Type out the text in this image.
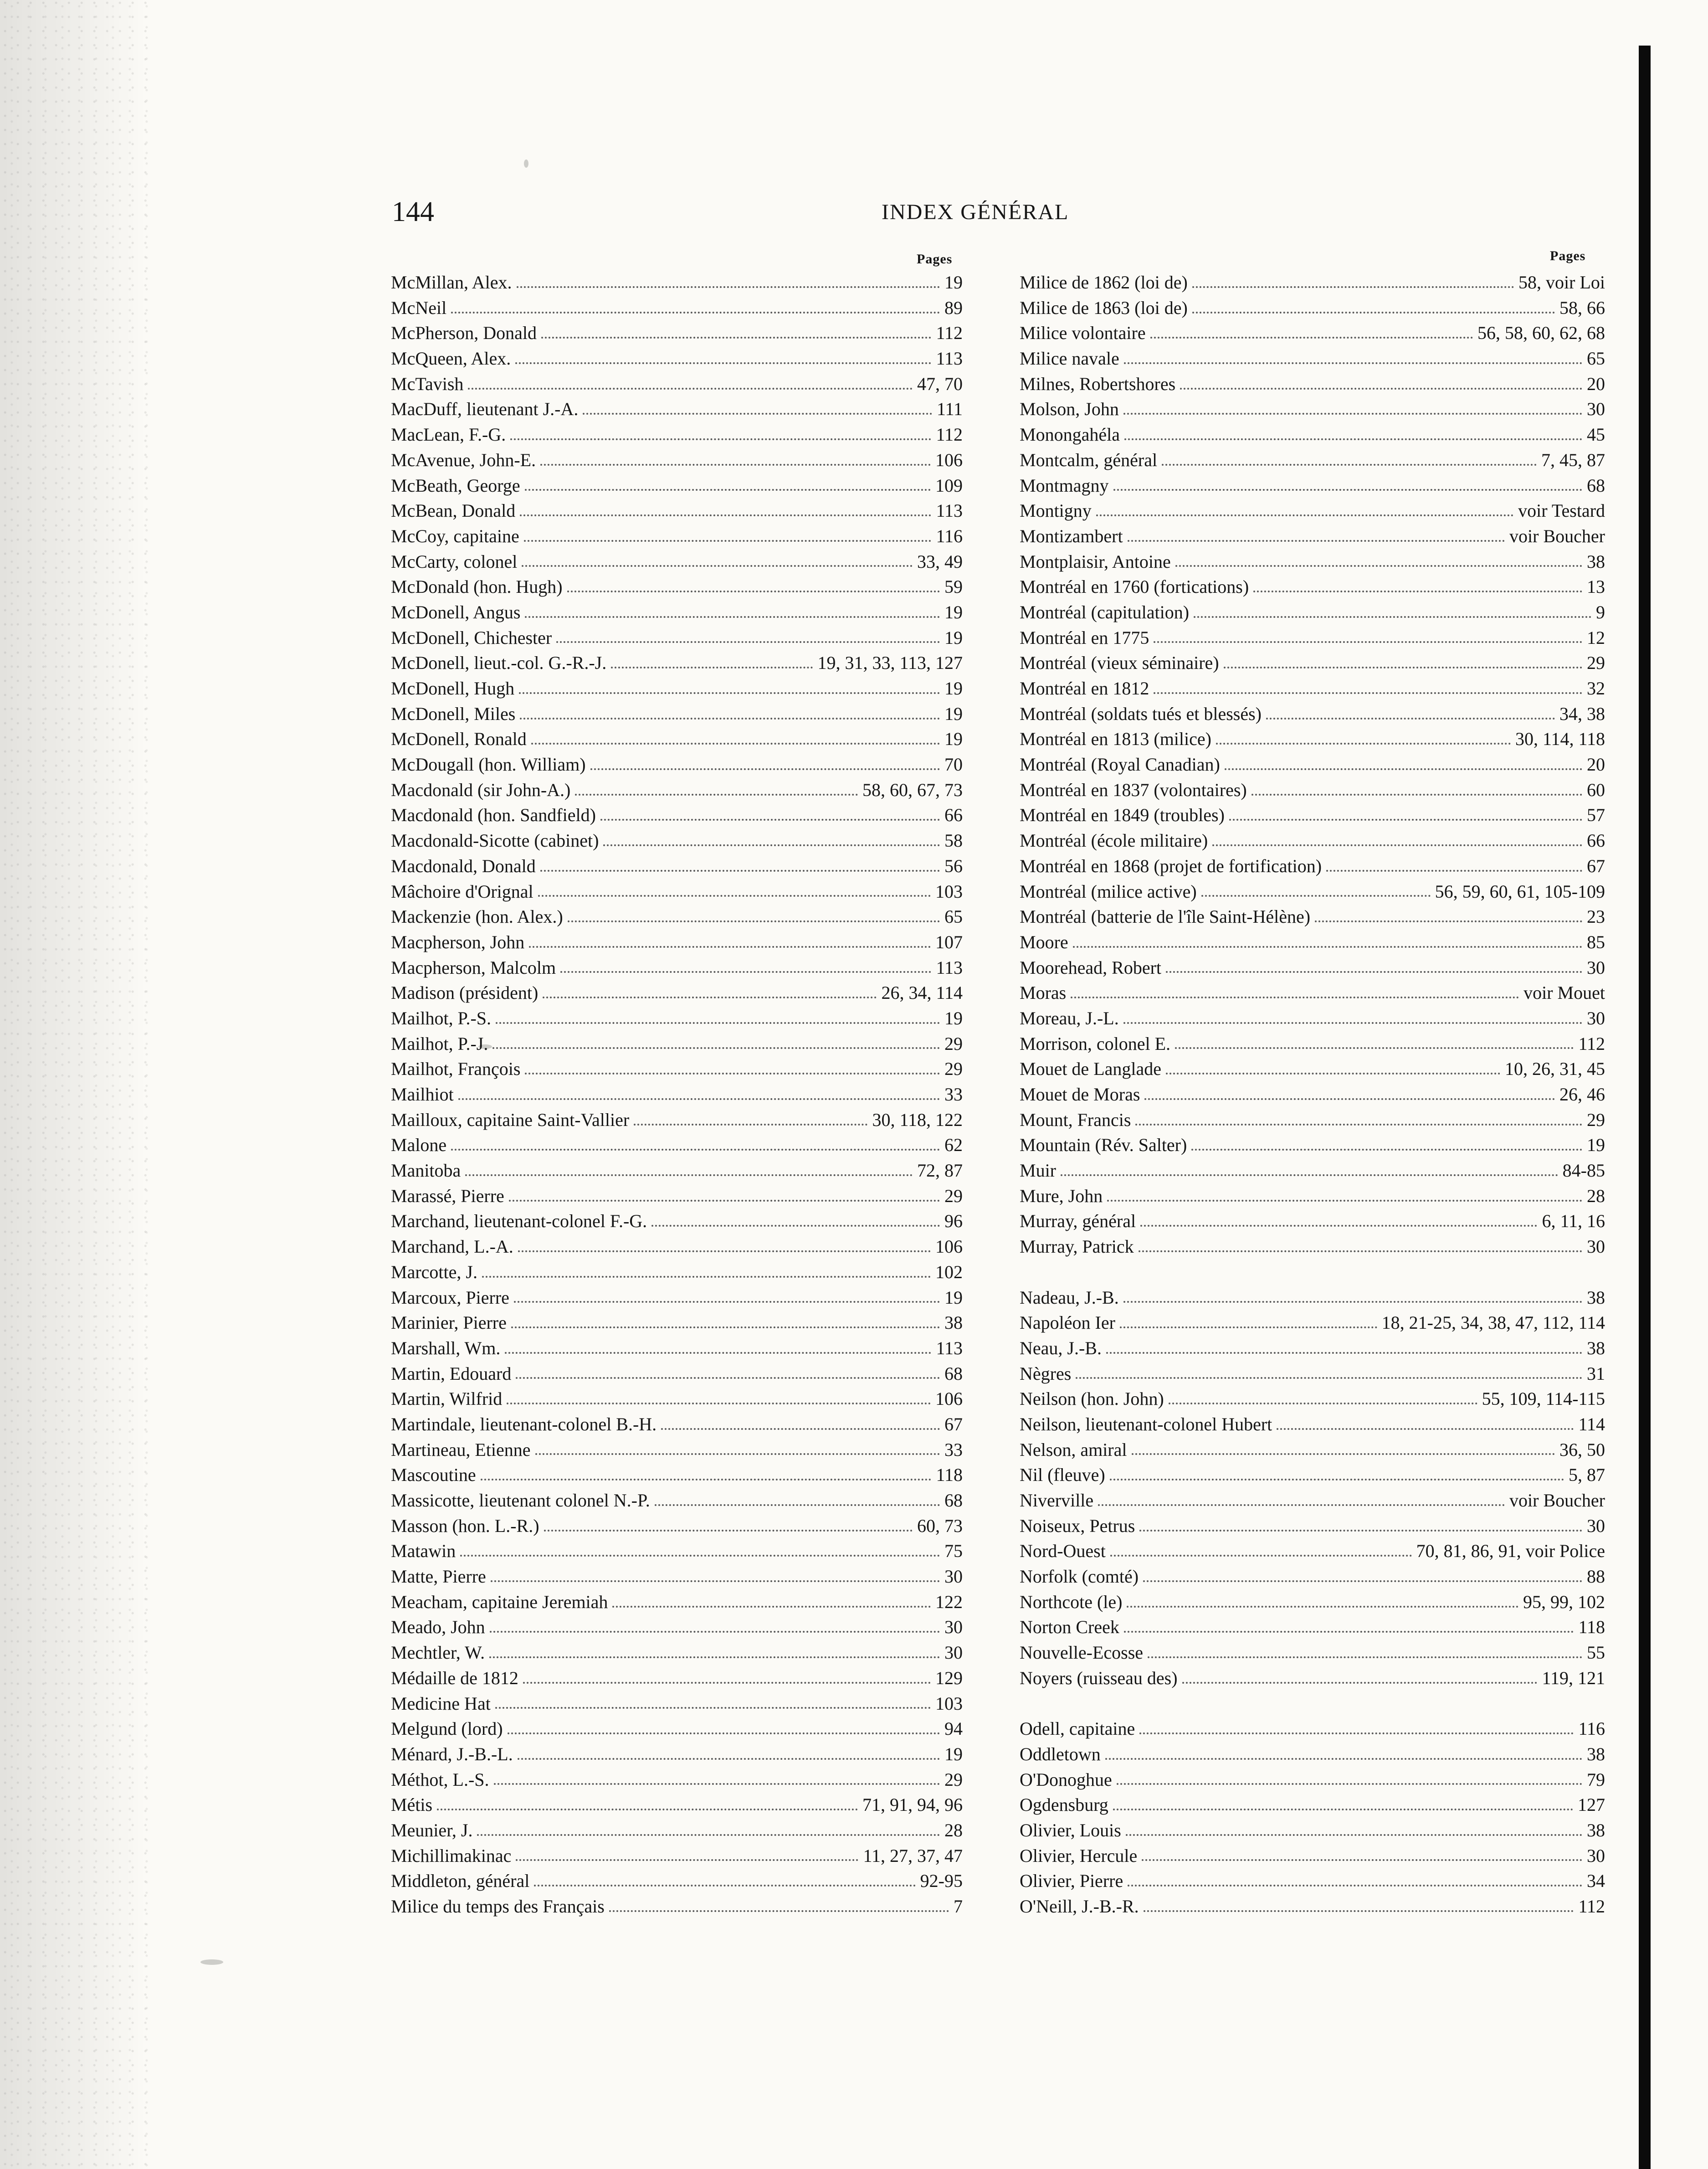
144	INDEX GÉNÉRAL
Pages	Pages
McMillan, Alex.	19
McNeil	89
McPherson, Donald	112
McQueen, Alex.	113
McTavish	47, 70
MacDuff, lieutenant J.-A.	111
MacLean, F.-G.	112
McAvenue, John-E.	106
McBeath, George	109
McBean, Donald	113
McCoy, capitaine	116
McCarty, colonel	33, 49
McDonald (hon. Hugh)	59
McDonell, Angus	19
McDonell, Chichester	19
McDonell, lieut.-col. G.-R.-J.	19, 31, 33, 113, 127
McDonell, Hugh	19
McDonell, Miles	19
McDonell, Ronald	19
McDougall (hon. William)	70
Macdonald (sir John-A.)	58, 60, 67, 73
Macdonald (hon. Sandfield)	66
Macdonald-Sicotte (cabinet)	58
Macdonald, Donald	56
Mâchoire d'Orignal	103
Mackenzie (hon. Alex.)	65
Macpherson, John	107
Macpherson, Malcolm	113
Madison (président)	26, 34, 114
Mailhot, P.-S.	19
Mailhot, P.-J.	29
Mailhot, François	29
Mailhiot	33
Mailloux, capitaine Saint-Vallier	30, 118, 122
Malone	62
Manitoba	72, 87
Marassé, Pierre	29
Marchand, lieutenant-colonel F.-G.	96
Marchand, L.-A.	106
Marcotte, J.	102
Marcoux, Pierre	19
Marinier, Pierre	38
Marshall, Wm.	113
Martin, Edouard	68
Martin, Wilfrid	106
Martindale, lieutenant-colonel B.-H.	67
Martineau, Etienne	33
Mascoutine	118
Massicotte, lieutenant colonel N.-P.	68
Masson (hon. L.-R.)	60, 73
Matawin	75
Matte, Pierre	30
Meacham, capitaine Jeremiah	122
Meado, John	30
Mechtler, W.	30
Médaille de 1812	129
Medicine Hat	103
Melgund (lord)	94
Ménard, J.-B.-L.	19
Méthot, L.-S.	29
Métis	71, 91, 94, 96
Meunier, J.	28
Michillimakinac	11, 27, 37, 47
Middleton, général	92-95
Milice du temps des Français	7
Milice de 1862 (loi de)	58, voir Loi
Milice de 1863 (loi de)	58, 66
Milice volontaire	56, 58, 60, 62, 68
Milice navale	65
Milnes, Robertshores	20
Molson, John	30
Monongahéla	45
Montcalm, général	7, 45, 87
Montmagny	68
Montigny	voir Testard
Montizambert	voir Boucher
Montplaisir, Antoine	38
Montréal en 1760 (fortications)	13
Montréal (capitulation)	9
Montréal en 1775	12
Montréal (vieux séminaire)	29
Montréal en 1812	32
Montréal (soldats tués et blessés)	34, 38
Montréal en 1813 (milice)	30, 114, 118
Montréal (Royal Canadian)	20
Montréal en 1837 (volontaires)	60
Montréal en 1849 (troubles)	57
Montréal (école militaire)	66
Montréal en 1868 (projet de fortification)	67
Montréal (milice active)	56, 59, 60, 61, 105-109
Montréal (batterie de l'île Saint-Hélène)	23
Moore	85
Moorehead, Robert	30
Moras	voir Mouet
Moreau, J.-L.	30
Morrison, colonel E.	112
Mouet de Langlade	10, 26, 31, 45
Mouet de Moras	26, 46
Mount, Francis	29
Mountain (Rév. Salter)	19
Muir	84-85
Mure, John	28
Murray, général	6, 11, 16
Murray, Patrick	30
Nadeau, J.-B.	38
Napoléon Ier	18, 21-25, 34, 38, 47, 112, 114
Neau, J.-B.	38
Nègres	31
Neilson (hon. John)	55, 109, 114-115
Neilson, lieutenant-colonel Hubert	114
Nelson, amiral	36, 50
Nil (fleuve)	5, 87
Niverville	voir Boucher
Noiseux, Petrus	30
Nord-Ouest	70, 81, 86, 91, voir Police
Norfolk (comté)	88
Northcote (le)	95, 99, 102
Norton Creek	118
Nouvelle-Ecosse	55
Noyers (ruisseau des)	119, 121
Odell, capitaine	116
Oddletown	38
O'Donoghue	79
Ogdensburg	127
Olivier, Louis	38
Olivier, Hercule	30
Olivier, Pierre	34
O'Neill, J.-B.-R.	112
